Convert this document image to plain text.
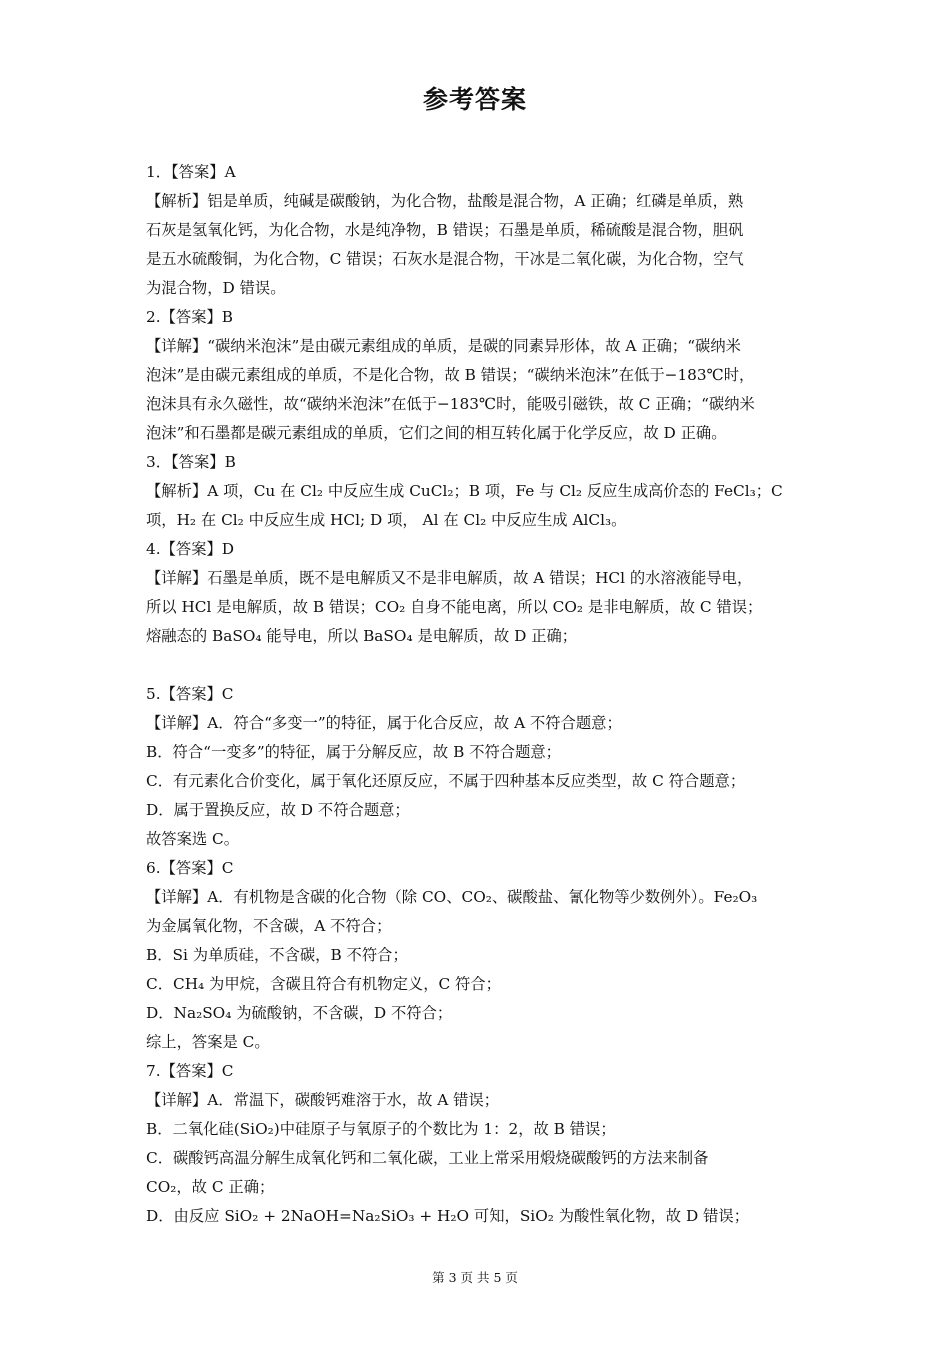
参考答案
1．【答案】A
【解析】铝是单质，纯碱是碳酸钠，为化合物，盐酸是混合物，A 正确；红磷是单质，熟
石灰是氢氧化钙，为化合物，水是纯净物，B 错误；石墨是单质，稀硫酸是混合物，胆矾
是五水硫酸铜，为化合物，C 错误；石灰水是混合物，干冰是二氧化碳，为化合物，空气
为混合物，D 错误。
2.【答案】B
【详解】“碳纳米泡沫”是由碳元素组成的单质，是碳的同素异形体，故 A 正确；“碳纳米
泡沫”是由碳元素组成的单质，不是化合物，故 B 错误；“碳纳米泡沫”在低于−183℃时，
泡沫具有永久磁性，故“碳纳米泡沫”在低于−183℃时，能吸引磁铁，故 C 正确；“碳纳米
泡沫”和石墨都是碳元素组成的单质，它们之间的相互转化属于化学反应，故 D 正确。
3．【答案】B
【解析】A 项，Cu 在 Cl₂ 中反应生成 CuCl₂；B 项，Fe 与 Cl₂ 反应生成高价态的 FeCl₃；C
项，H₂ 在 Cl₂ 中反应生成 HCl; D 项， Al 在 Cl₂ 中反应生成 AlCl₃。
4.【答案】D
【详解】石墨是单质，既不是电解质又不是非电解质，故 A 错误；HCl 的水溶液能导电，
所以 HCl 是电解质，故 B 错误；CO₂ 自身不能电离，所以 CO₂ 是非电解质，故 C 错误；
熔融态的 BaSO₄ 能导电，所以 BaSO₄ 是电解质，故 D 正确；
5.【答案】C
【详解】A．符合“多变一”的特征，属于化合反应，故 A 不符合题意；
B．符合“一变多”的特征，属于分解反应，故 B 不符合题意；
C．有元素化合价变化，属于氧化还原反应，不属于四种基本反应类型，故 C 符合题意；
D．属于置换反应，故 D 不符合题意；
故答案选 C。
6.【答案】C
【详解】A．有机物是含碳的化合物（除 CO、CO₂、碳酸盐、氰化物等少数例外）。Fe₂O₃
为金属氧化物，不含碳，A 不符合；
B．Si 为单质硅，不含碳，B 不符合；
C．CH₄ 为甲烷，含碳且符合有机物定义，C 符合；
D．Na₂SO₄ 为硫酸钠，不含碳，D 不符合；
综上，答案是 C。
7.【答案】C
【详解】A．常温下，碳酸钙难溶于水，故 A 错误；
B．二氧化硅(SiO₂)中硅原子与氧原子的个数比为 1：2，故 B 错误；
C．碳酸钙高温分解生成氧化钙和二氧化碳，工业上常采用煅烧碳酸钙的方法来制备
CO₂，故 C 正确；
D．由反应 SiO₂ + 2NaOH=Na₂SiO₃ + H₂O 可知，SiO₂ 为酸性氧化物，故 D 错误；
第 3 页 共 5 页
